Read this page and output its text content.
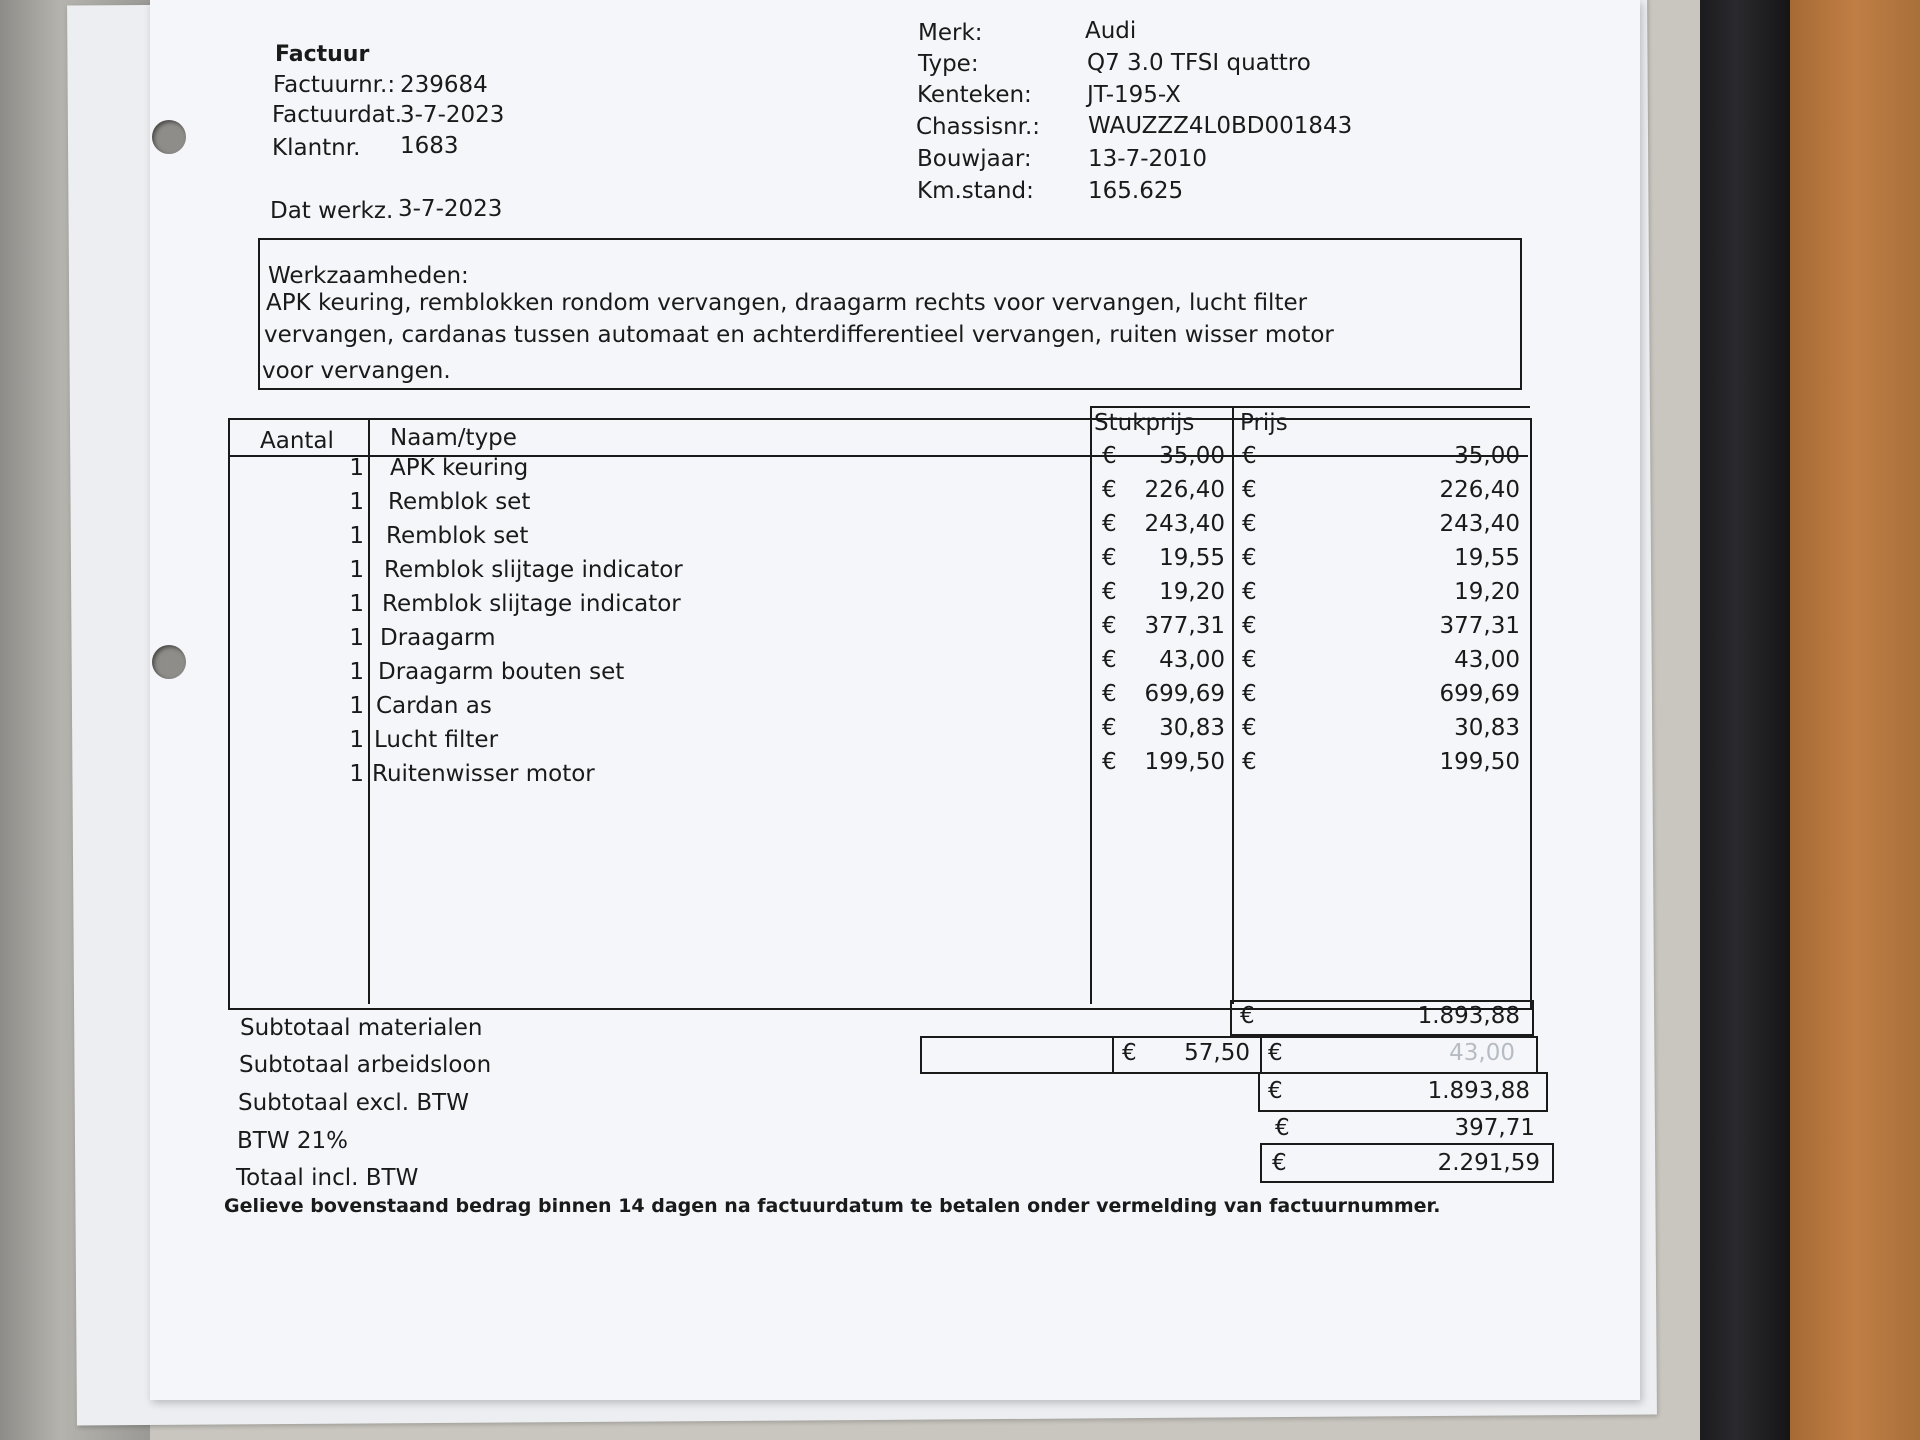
Factuur
Factuurnr.: 239684
Factuurdat.
3-7-2023
Klantnr. 1683
Dat werkz. 3-7-2023
Merk:	Audi
Type:	Q7 3.0 TFSI quattro
Kenteken: JT-195-X
Chassisnr.: WAUZZZ4L0BD001843
Bouwjaar: 13-7-2010
Km.stand: 165.625
Werkzaamheden:
APK keuring, remblokken rondom vervangen, draagarm rechts voor vervangen, lucht filter
vervangen, cardanas tussen automaat en achterdifferentieel vervangen, ruiten wisser motor
voor vervangen.
Aantal Naam/type
Stukprijs Prijs
1 APK keuring	€	35,00 €	35,00
1 Remblok set	€	226,40 €	226,40
1 Remblok set	€	243,40 €	243,40
1 Remblok slijtage indicator	€	19,55 €	19,55
1 Remblok slijtage indicator	€	19,20 €	19,20
1 Draagarm	€	377,31 €	377,31
1 Draagarm bouten set	€	43,00 €	43,00
1 Cardan as	€	699,69 €	699,69
1 Lucht filter	€	30,83 €	30,83
1 Ruitenwisser motor	€	199,50 €	199,50
Subtotaal materialen	€	1.893,88
Subtotaal arbeidsloon	€	57,50 €	43,00
Subtotaal excl. BTW	€	1.893,88
BTW 21%	€	397,71
Totaal incl. BTW
€	2.291,59
Gelieve bovenstaand bedrag binnen 14 dagen na factuurdatum te betalen onder vermelding van factuurnummer.
